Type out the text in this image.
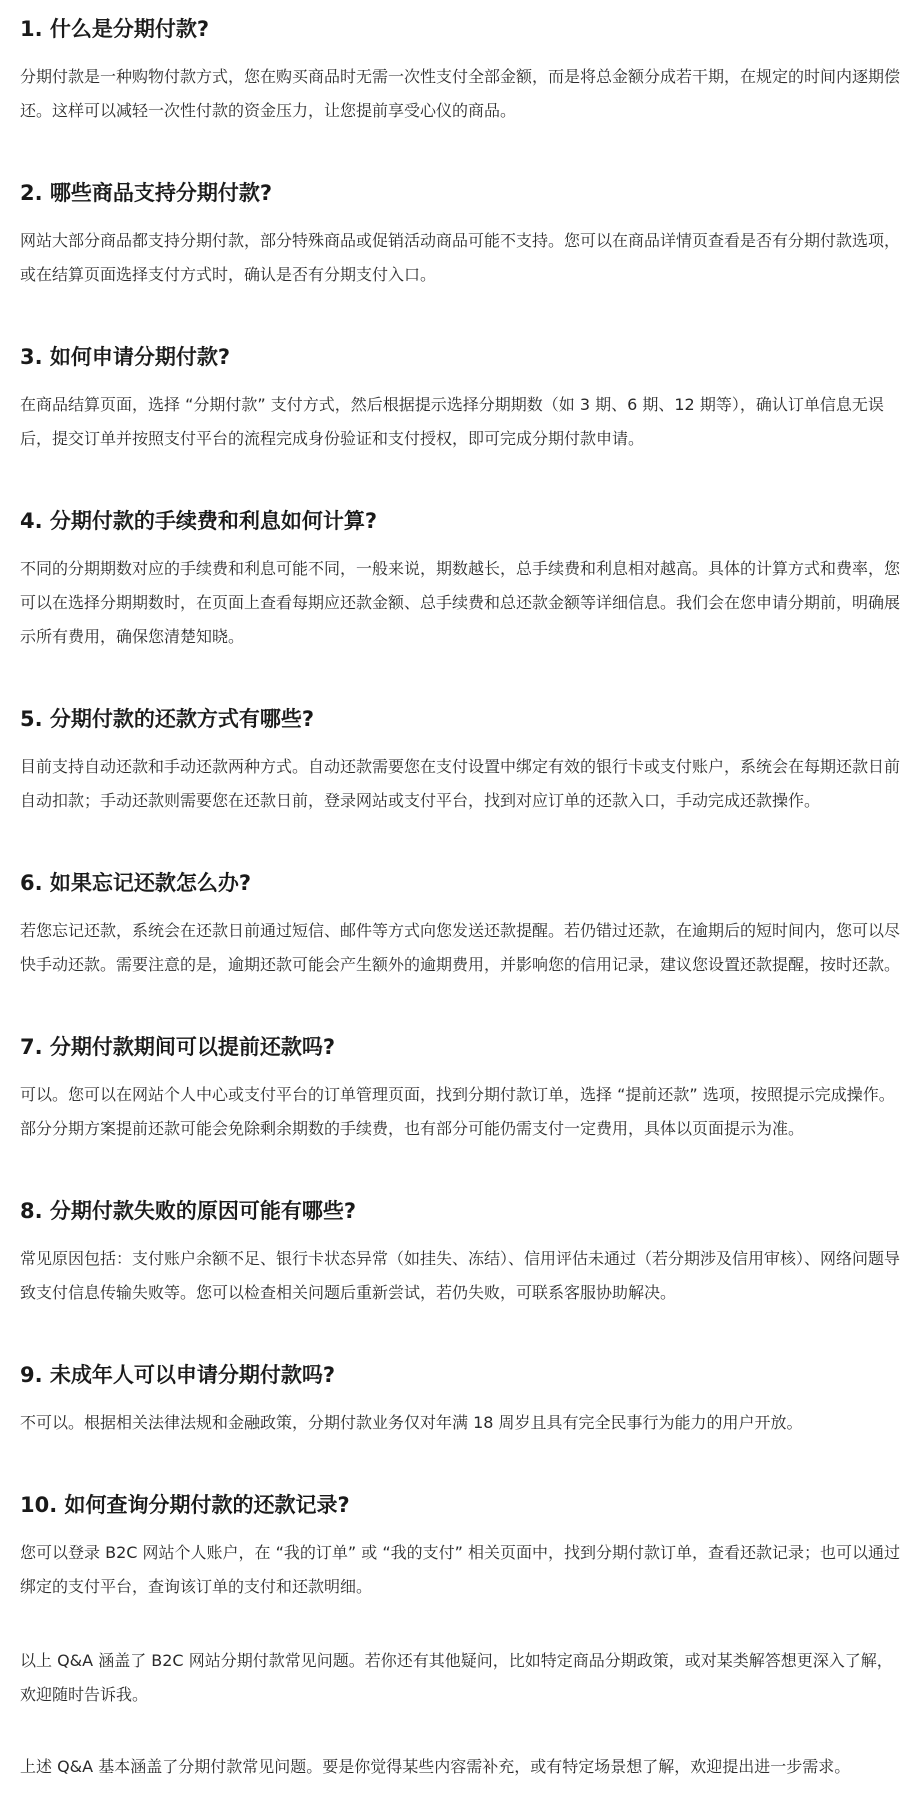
1. 什么是分期付款?

分期付款是一种购物付款方式，您在购买商品时无需一次性支付全部金额，而是将总金额分成若干期，在规定的时间内逐期偿还。这样可以减轻一次性付款的资金压力，让您提前享受心仪的商品。

2. 哪些商品支持分期付款?

网站大部分商品都支持分期付款，部分特殊商品或促销活动商品可能不支持。您可以在商品详情页查看是否有分期付款选项，或在结算页面选择支付方式时，确认是否有分期支付入口。

3. 如何申请分期付款?

在商品结算页面，选择 “分期付款” 支付方式，然后根据提示选择分期期数（如 3 期、6 期、12 期等），确认订单信息无误后，提交订单并按照支付平台的流程完成身份验证和支付授权，即可完成分期付款申请。

4. 分期付款的手续费和利息如何计算?

不同的分期期数对应的手续费和利息可能不同，一般来说，期数越长，总手续费和利息相对越高。具体的计算方式和费率，您可以在选择分期期数时，在页面上查看每期应还款金额、总手续费和总还款金额等详细信息。我们会在您申请分期前，明确展示所有费用，确保您清楚知晓。

5. 分期付款的还款方式有哪些?

目前支持自动还款和手动还款两种方式。自动还款需要您在支付设置中绑定有效的银行卡或支付账户，系统会在每期还款日前自动扣款；手动还款则需要您在还款日前，登录网站或支付平台，找到对应订单的还款入口，手动完成还款操作。

6. 如果忘记还款怎么办?

若您忘记还款，系统会在还款日前通过短信、邮件等方式向您发送还款提醒。若仍错过还款，在逾期后的短时间内，您可以尽快手动还款。需要注意的是，逾期还款可能会产生额外的逾期费用，并影响您的信用记录，建议您设置还款提醒，按时还款。

7. 分期付款期间可以提前还款吗?

可以。您可以在网站个人中心或支付平台的订单管理页面，找到分期付款订单，选择 “提前还款” 选项，按照提示完成操作。部分分期方案提前还款可能会免除剩余期数的手续费，也有部分可能仍需支付一定费用，具体以页面提示为准。

8. 分期付款失败的原因可能有哪些?

常见原因包括：支付账户余额不足、银行卡状态异常（如挂失、冻结）、信用评估未通过（若分期涉及信用审核）、网络问题导致支付信息传输失败等。您可以检查相关问题后重新尝试，若仍失败，可联系客服协助解决。

9. 未成年人可以申请分期付款吗?

不可以。根据相关法律法规和金融政策，分期付款业务仅对年满 18 周岁且具有完全民事行为能力的用户开放。

10. 如何查询分期付款的还款记录?

您可以登录 B2C 网站个人账户，在 “我的订单” 或 “我的支付” 相关页面中，找到分期付款订单，查看还款记录；也可以通过绑定的支付平台，查询该订单的支付和还款明细。

以上 Q&A 涵盖了 B2C 网站分期付款常见问题。若你还有其他疑问，比如特定商品分期政策，或对某类解答想更深入了解，欢迎随时告诉我。

上述 Q&A 基本涵盖了分期付款常见问题。要是你觉得某些内容需补充，或有特定场景想了解，欢迎提出进一步需求。
